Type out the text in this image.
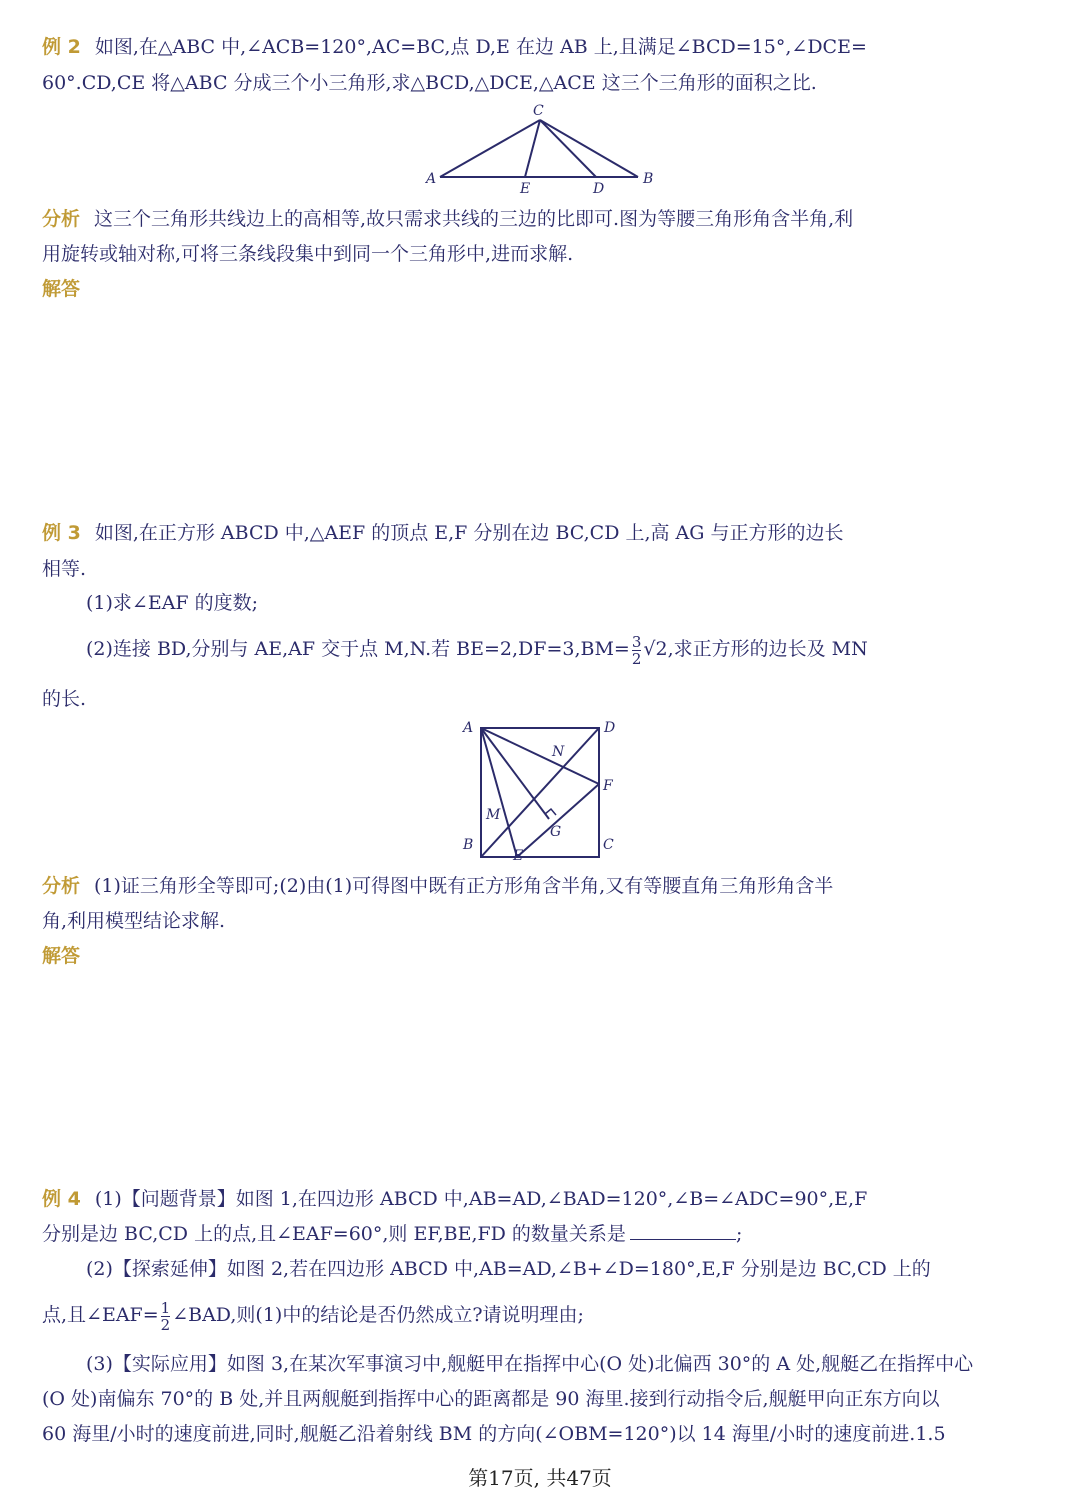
例 2 如图,在△ABC 中,∠ACB=120°,AC=BC,点 D,E 在边 AB 上,且满足∠BCD=15°,∠DCE=
60°.CD,CE 将△ABC 分成三个小三角形,求△BCD,△DCE,△ACE 这三个三角形的面积之比.
C
A	B
E	D
分析 这三个三角形共线边上的高相等,故只需求共线的三边的比即可.图为等腰三角形角含半角,利
用旋转或轴对称,可将三条线段集中到同一个三角形中,进而求解.
解答
例 3 如图,在正方形 ABCD 中,△AEF 的顶点 E,F 分别在边 BC,CD 上,高 AG 与正方形的边长
相等.
(1)求∠EAF 的度数;
(2)连接 BD,分别与 AE,AF 交于点 M,N.若 $BE=2,DF=3,BM= \frac{3}{2} √2$,求正方形的边长及 MN
的长.
A	D
N
F
M
G
B
E
C
分析 (1)证三角形全等即可;(2)由(1)可得图中既有正方形角含半角,又有等腰直角三角形角含半
角,利用模型结论求解.
解答
例 4 (1)【问题背景】如图 1,在四边形 ABCD 中,AB=AD,∠BAD=120°,∠B=∠ADC=90°,E,F
分别是边 BC,CD 上的点,且∠EAF=60°,则 EF,BE,FD 的数量关系是	;
(2)【探索延伸】如图 2,若在四边形 ABCD 中,AB=AD,∠B+∠D=180°,E,F 分别是边 BC,CD 上的
点,且∠EAF= $\frac{1}{2}$ ∠BAD,则(1)中的结论是否仍然成立?请说明理由;
(3)【实际应用】如图 3,在某次军事演习中,舰艇甲在指挥中心(O 处)北偏西 30°的 A 处,舰艇乙在指挥中心
(O 处)南偏东 70°的 B 处,并且两舰艇到指挥中心的距离都是 90 海里.接到行动指令后,舰艇甲向正东方向以
60 海里/小时的速度前进,同时,舰艇乙沿着射线 BM 的方向(∠OBM=120°)以 14 海里/小时的速度前进.1.5
第17页, 共47页
